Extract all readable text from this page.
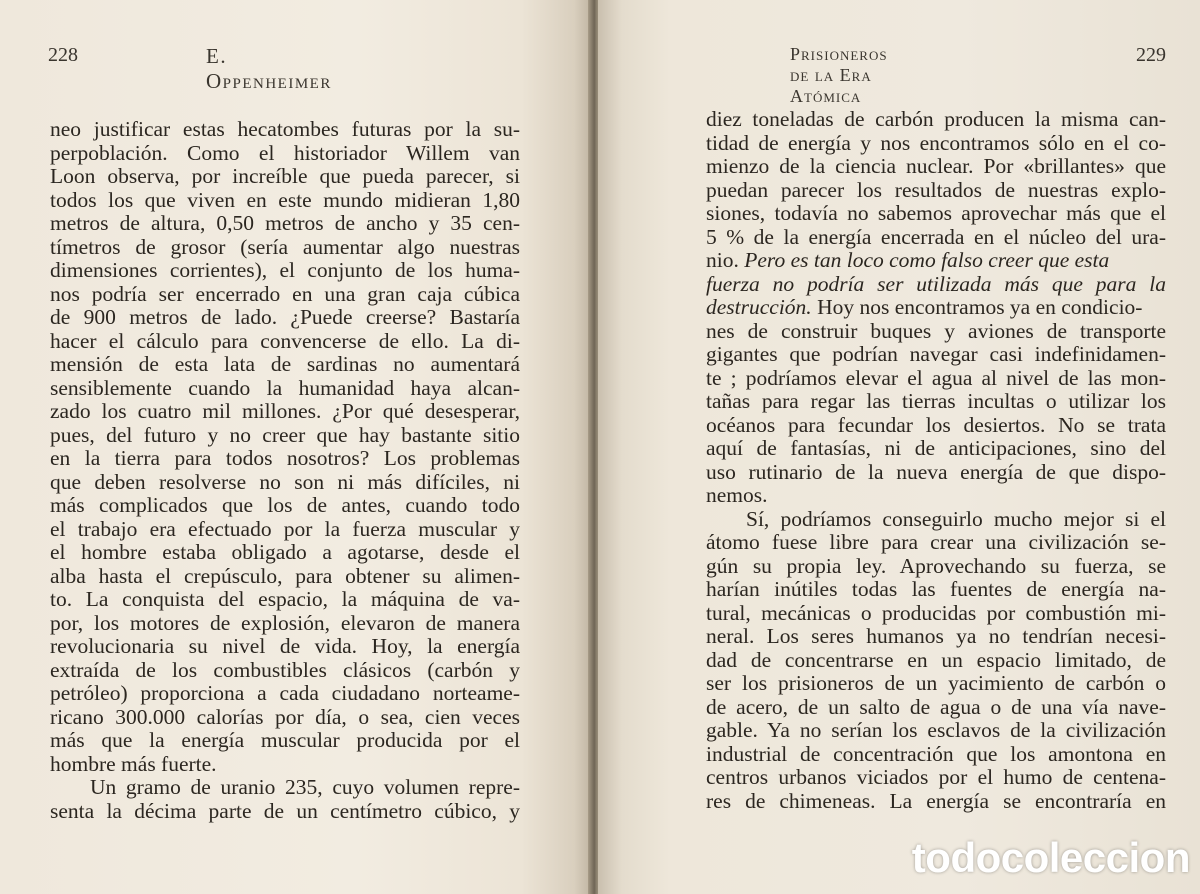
228	E. Oppenheimer
neo justificar estas hecatombes futuras por la su-
perpoblación. Como el historiador Willem van
Loon observa, por increíble que pueda parecer, si
todos los que viven en este mundo midieran 1,80
metros de altura, 0,50 metros de ancho y 35 cen-
tímetros de grosor (sería aumentar algo nuestras
dimensiones corrientes), el conjunto de los huma-
nos podría ser encerrado en una gran caja cúbica
de 900 metros de lado. ¿Puede creerse? Bastaría
hacer el cálculo para convencerse de ello. La di-
mensión de esta lata de sardinas no aumentará
sensiblemente cuando la humanidad haya alcan-
zado los cuatro mil millones. ¿Por qué desesperar,
pues, del futuro y no creer que hay bastante sitio
en la tierra para todos nosotros? Los problemas
que deben resolverse no son ni más difíciles, ni
más complicados que los de antes, cuando todo
el trabajo era efectuado por la fuerza muscular y
el hombre estaba obligado a agotarse, desde el
alba hasta el crepúsculo, para obtener su alimen-
to. La conquista del espacio, la máquina de va-
por, los motores de explosión, elevaron de manera
revolucionaria su nivel de vida. Hoy, la energía
extraída de los combustibles clásicos (carbón y
petróleo) proporciona a cada ciudadano norteame-
ricano 300.000 calorías por día, o sea, cien veces
más que la energía muscular producida por el
hombre más fuerte.
Un gramo de uranio 235, cuyo volumen repre-
senta la décima parte de un centímetro cúbico, y
Prisioneros de la Era Atómica
229
diez toneladas de carbón producen la misma can-
tidad de energía y nos encontramos sólo en el co-
mienzo de la ciencia nuclear. Por «brillantes» que
puedan parecer los resultados de nuestras explo-
siones, todavía no sabemos aprovechar más que el
5 % de la energía encerrada en el núcleo del ura-
nio. Pero es tan loco como falso creer que esta
fuerza no podría ser utilizada más que para la
destrucción. Hoy nos encontramos ya en condicio-
nes de construir buques y aviones de transporte
gigantes que podrían navegar casi indefinidamen-
te ; podríamos elevar el agua al nivel de las mon-
tañas para regar las tierras incultas o utilizar los
océanos para fecundar los desiertos. No se trata
aquí de fantasías, ni de anticipaciones, sino del
uso rutinario de la nueva energía de que dispo-
nemos.
Sí, podríamos conseguirlo mucho mejor si el
átomo fuese libre para crear una civilización se-
gún su propia ley. Aprovechando su fuerza, se
harían inútiles todas las fuentes de energía na-
tural, mecánicas o producidas por combustión mi-
neral. Los seres humanos ya no tendrían necesi-
dad de concentrarse en un espacio limitado, de
ser los prisioneros de un yacimiento de carbón o
de acero, de un salto de agua o de una vía nave-
gable. Ya no serían los esclavos de la civilización
industrial de concentración que los amontona en
centros urbanos viciados por el humo de centena-
res de chimeneas. La energía se encontraría en
todocoleccion
